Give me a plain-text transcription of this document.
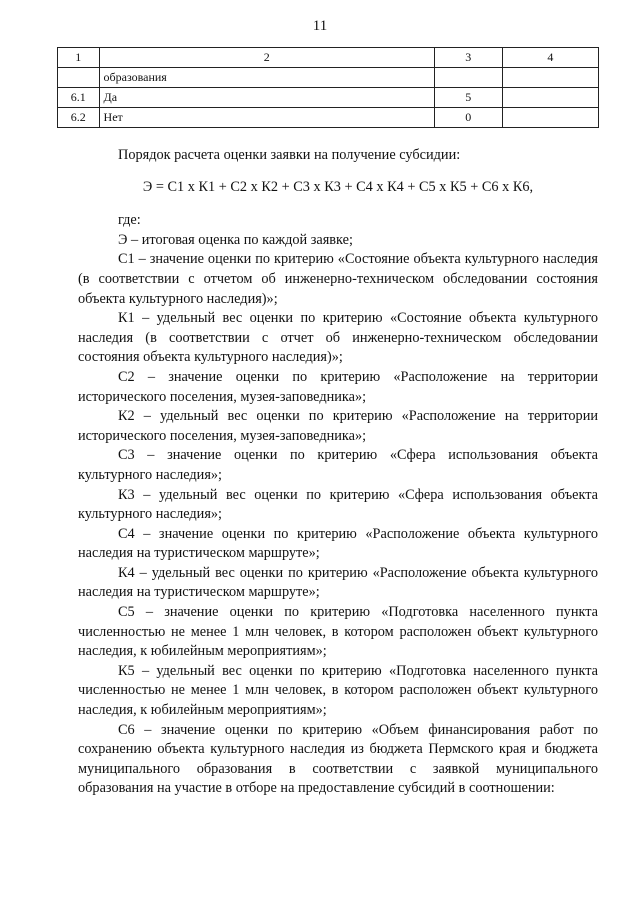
11
1	2	3	4
	образования		
6.1	Да	5	
6.2	Нет	0	

Порядок расчета оценки заявки на получение субсидии:

Э = С1 х К1 + С2 х К2 + С3 х К3 + С4 х К4 + С5 х К5 + С6 х К6,

где:

Э – итоговая оценка по каждой заявке;

С1 – значение оценки по критерию «Состояние объекта культурного наследия (в соответствии с отчетом об инженерно-техническом обследовании состояния объекта культурного наследия)»;

К1 – удельный вес оценки по критерию «Состояние объекта культурного наследия (в соответствии с отчет об инженерно-техническом обследовании состояния объекта культурного наследия)»;

С2 – значение оценки по критерию «Расположение на территории исторического поселения, музея-заповедника»;

К2 – удельный вес оценки по критерию «Расположение на территории исторического поселения, музея-заповедника»;

С3 – значение оценки по критерию «Сфера использования объекта культурного наследия»;

К3 – удельный вес оценки по критерию «Сфера использования объекта культурного наследия»;

С4 – значение оценки по критерию «Расположение объекта культурного наследия на туристическом маршруте»;

К4 – удельный вес оценки по критерию «Расположение объекта культурного наследия на туристическом маршруте»;

С5 – значение оценки по критерию «Подготовка населенного пункта численностью не менее 1 млн человек, в котором расположен объект культурного наследия, к юбилейным мероприятиям»;

К5 – удельный вес оценки по критерию «Подготовка населенного пункта численностью не менее 1 млн человек, в котором расположен объект культурного наследия, к юбилейным мероприятиям»;

С6 – значение оценки по критерию «Объем финансирования работ по сохранению объекта культурного наследия из бюджета Пермского края и бюджета муниципального образования в соответствии с заявкой муниципального образования на участие в отборе на предоставление субсидий в соотношении:
